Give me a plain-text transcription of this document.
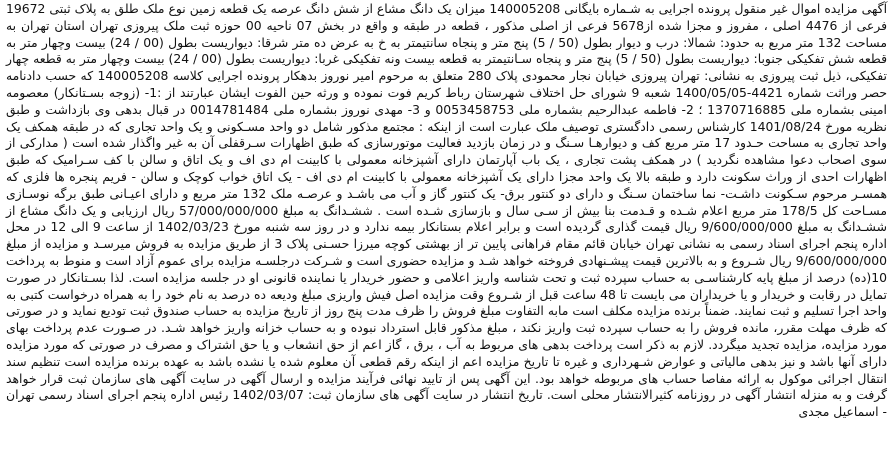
آگهی مزایده اموال غیر منقول پرونده اجرایی به شـماره بایگانی 140005208 میزان یک دانگ مشاع از شش دانگ عرصه یک قطعه زمین نوع ملک طلق به پلاک ثبتی 19672 فرعی از 4476 اصلی ، مفروز و مجزا شده از5678 فرعی از اصلی مذکور ، قطعه در طبقه و واقع در بخش 07 ناحیه 00 حوزه ثبت ملک پیروزی تهران استان تهران به مساحت 132 متر مربع به حدود: شمالا: درب و دیوار بطول (50 / 5) پنج متر و پنجاه سانتیمتر به خ به عرض ده متر شرقا: دیواریست بطول (00 / 24) بیست وچهار متر به قطعه شش تفکیکی جنوبا: دیواریست بطول (50 / 5) پنج متر و پنجاه سـانتیمتر به قطعه بیست ونه تفکیکی غربا: دیواریست بطول (00 / 24) بیست وچهار متر به قطعه چهار تفکیکی، ذیل ثبت پیروزی به نشانی: تهران پیروزی خیابان نجار محمودی پلاک 280 متعلق به مرحوم امیر نوروز بدهکار پرونده اجرایی کلاسه 140005208 که حسب دادنامه حصر وراثت شماره 4421-1400/05/05 شعبه 9 شورای حل اختلاف شهرستان رباط کریم فوت نموده و ورثه حین الفوت ایشان عبارتند از :1- (زوجه بسـتانکار) معصومه امینی بشماره ملی 1370716885 ؛ 2- فاطمه عبدالرحیم بشماره ملی 0053458753 و 3- مهدی نوروز بشماره ملی 0014781484 در قبال بدهی وی بازداشت و طبق نظریه مورخ 1401/08/24 کارشناس رسمی دادگستری توصیف ملک عبارت است از اینکه : مجتمع مذکور شامل دو واحد مسـکونی و یک واحد تجاری که در طبقه همکف یک واحد تجاری به مساحت حـدود 17 متر مربع کف و دیوارهـا سـنگ و در زمان بازدید فعالیت موتورسازی که طبق اظهارات سـرقفلی آن به غیر واگذار شده است ( مدارکی از سوی اصحاب دعوا مشاهده نگردید ) در همکف پشت تجاری ، یک باب آپارتمان دارای آشپزخانه معمولی با کابینت ام دی اف و یک اتاق و سالن با کف سـرامیک که طبق اظهارات احدی از وراث سکونت دارد و طبقه بالا یک واحد مجزا دارای یک آشپزخانه معمولی با کابینت ام دی اف - یک اتاق خواب کوچک و سالن - فریم پنجره ها فلزی که همسـر مرحوم سـکونت داشـت- نما ساختمان سـنگ و دارای دو کنتور برق- یک کنتور گاز و آب می باشـد و عرصـه ملک 132 متر مربع و دارای اعیـانی طبق برگه نوسـازی مسـاحت کل 178/5 متر مربع اعلام شـده و قـدمت بنا بیش از سـی سال و بازسازی شـده است . ششـدانگ به مبلغ 57/000/000/000 ریال ارزیابی و یک دانگ مشاع از ششـدانگ به مبلغ 9/600/000/000 ریال قیمت گذاری گردیده است و برابر اعلام بستانکار بیمه ندارد و در روز سه شنبه مورخ 1402/03/23 از ساعت 9 الی 12 در محل اداره پنجم اجرای اسناد رسمی به نشانی تهران خیابان قائم مقام فراهانی پایین تر از بهشتی کوچه میرزا حسـنی پلاک 3 از طریق مزایده به فروش میرسـد و مزایده از مبلغ 9/600/000/000 ریال شـروع و به بالاترین قیمت پیشـنهادی فروخته خواهد شـد و مزایده حضوری است و شـرکت درجلسـه مزایده برای عموم آزاد است و منوط به پرداخت 10(ده) درصد از مبلغ پایه کارشناسـی به حساب سپرده ثبت و تحت شناسه واریز اعلامی و حضور خریدار یا نماینده قانونی او در جلسه مزایده است. لذا بسـتانکار در صورت تمایل در رقابت و خریدار و یا خریداران می بایست تا 48 ساعت قبل از شـروع وقت مزایده اصل فیش واریزی مبلغ ودیعه ده درصد به نام خود را به همراه درخواست کتبی به واحد اجرا تسلیم و ثبت نمایند. ضمناً برنده مزایده مکلف است مابه التفاوت مبلغ فروش را ظرف مدت پنج روز از تاریخ مزایده به حساب صندوق ثبت تودیع نماید و در صورتی که ظرف مهلت مقرر، مانده فروش را به حساب سپرده ثبت واریز نکند ، مبلغ مذکور قابل استرداد نبوده و به حساب خزانه واریز خواهد شـد. در صـورت عدم پرداخت بهای مورد مزایده، مزایده تجدید میگردد. لازم به ذکر است پرداخت بدهی های مربوط به آب ، برق ، گاز اعم از حق انشعاب و یا حق اشتراک و مصرف در صورتی که مورد مزایده دارای آنها باشد و نیز بدهی مالیاتی و عوارض شـهرداری و غیره تا تاریخ مزایده اعم از اینکه رقم قطعی آن معلوم شده یا نشده باشد به عهده برنده مزایده است تنظیم سند انتقال اجرائی موکول به ارائه مفاصا حساب های مربوطه خواهد بود. این آگهی پس از تایید نهائی فرآیند مزایده و ارسال آگهی در سایت آگهی های سازمان ثبت قرار خواهد گرفت و به منزله انتشار آگهی در روزنامه کثیرالانتشار محلی است. تاریخ انتشار در سایت آگهی های سازمان ثبت: 1402/03/07 رئیس اداره پنجم اجرای اسناد رسمی تهران - اسماعیل مجدی
